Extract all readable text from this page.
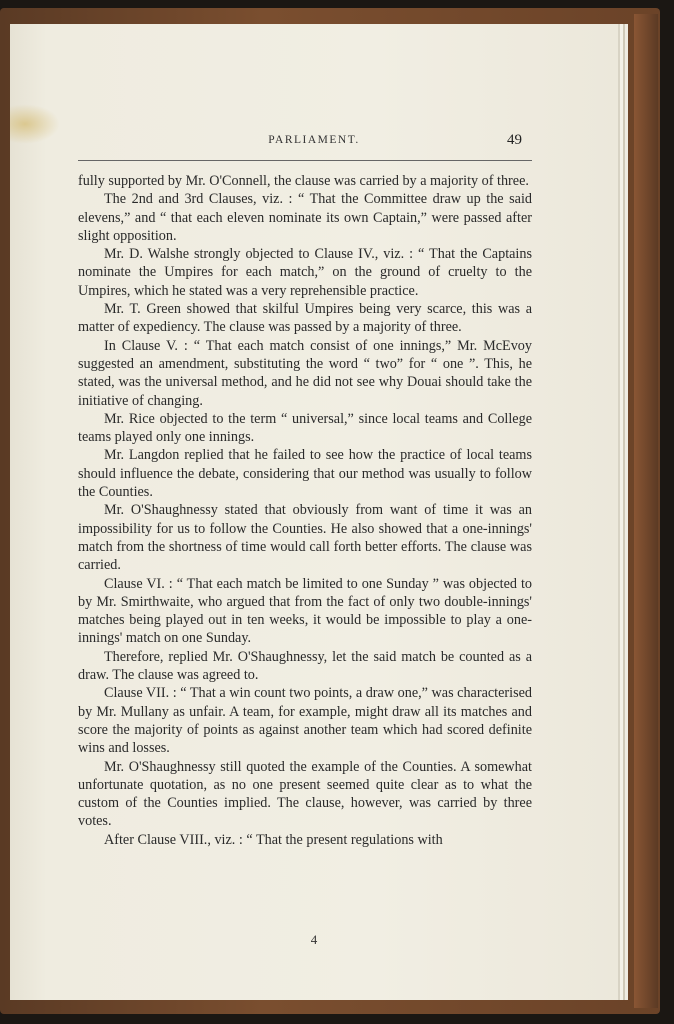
PARLIAMENT.	49

fully supported by Mr. O'Connell, the clause was carried by a majority of three.

The 2nd and 3rd Clauses, viz. : “ That the Committee draw up the said elevens,” and “ that each eleven nominate its own Captain,” were passed after slight opposition.

Mr. D. Walshe strongly objected to Clause IV., viz. : “ That the Captains nominate the Umpires for each match,” on the ground of cruelty to the Umpires, which he stated was a very reprehensible practice.

Mr. T. Green showed that skilful Umpires being very scarce, this was a matter of expediency. The clause was passed by a majority of three.

In Clause V. : “ That each match consist of one innings,” Mr. McEvoy suggested an amendment, substituting the word “ two” for “ one ”. This, he stated, was the universal method, and he did not see why Douai should take the initiative of changing.

Mr. Rice objected to the term “ universal,” since local teams and College teams played only one innings.

Mr. Langdon replied that he failed to see how the practice of local teams should influence the debate, considering that our method was usually to follow the Counties.

Mr. O'Shaughnessy stated that obviously from want of time it was an impossibility for us to follow the Counties. He also showed that a one-innings' match from the shortness of time would call forth better efforts. The clause was carried.

Clause VI. : “ That each match be limited to one Sunday ” was objected to by Mr. Smirthwaite, who argued that from the fact of only two double-innings' matches being played out in ten weeks, it would be impossible to play a one-innings' match on one Sunday.

Therefore, replied Mr. O'Shaughnessy, let the said match be counted as a draw. The clause was agreed to.

Clause VII. : “ That a win count two points, a draw one,” was characterised by Mr. Mullany as unfair. A team, for example, might draw all its matches and score the majority of points as against another team which had scored definite wins and losses.

Mr. O'Shaughnessy still quoted the example of the Counties. A somewhat unfortunate quotation, as no one present seemed quite clear as to what the custom of the Counties implied. The clause, however, was carried by three votes.

After Clause VIII., viz. : “ That the present regulations with

4
